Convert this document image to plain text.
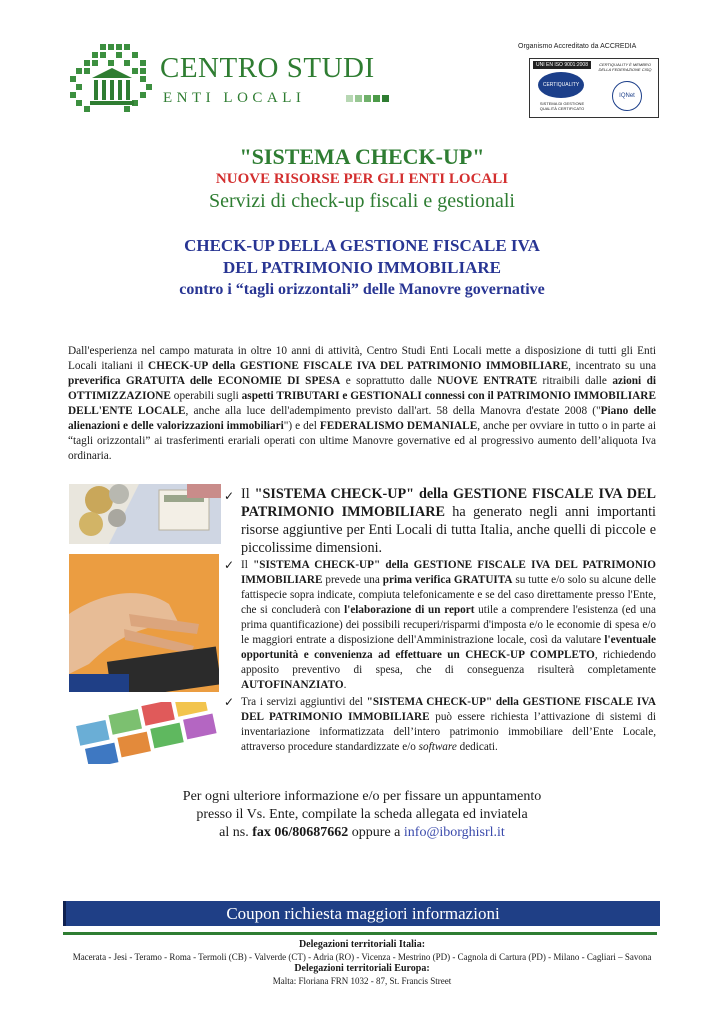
CENTRO STUDI
ENTI LOCALI
Organismo Accreditato da ACCREDIA
UNI EN ISO 9001:2008
CERTIQUALITY
SISTEMA DI GESTIONE QUALITÀ CERTIFICATO
CERTIQUALITY È MEMBRO DELLA FEDERAZIONE CISQ
IQNet
"SISTEMA CHECK-UP"
NUOVE RISORSE PER GLI ENTI LOCALI
Servizi di check-up fiscali e gestionali
CHECK-UP DELLA GESTIONE FISCALE IVA
DEL PATRIMONIO IMMOBILIARE
contro i “tagli orizzontali” delle Manovre governative
Dall'esperienza nel campo maturata in oltre 10 anni di attività, Centro Studi Enti Locali mette a disposizione di tutti gli Enti Locali italiani il CHECK-UP della GESTIONE FISCALE IVA DEL PATRIMONIO IMMOBILIARE, incentrato su una preverifica GRATUITA delle ECONOMIE DI SPESA e soprattutto dalle NUOVE ENTRATE ritraibili dalle azioni di OTTIMIZZAZIONE operabili sugli aspetti TRIBUTARI e GESTIONALI connessi con il PATRIMONIO IMMOBILIARE DELL'ENTE LOCALE, anche alla luce dell'adempimento previsto dall'art. 58 della Manovra d'estate 2008 ("Piano delle alienazioni e delle valorizzazioni immobiliari") e del FEDERALISMO DEMANIALE, anche per ovviare in tutto o in parte ai “tagli orizzontali” ai trasferimenti erariali operati con ultime Manovre governative ed al progressivo aumento dell’aliquota Iva ordinaria.
✓ Il "SISTEMA CHECK-UP" della GESTIONE FISCALE IVA DEL PATRIMONIO IMMOBILIARE ha generato negli anni importanti risorse aggiuntive per Enti Locali di tutta Italia, anche quelli di piccole e piccolissime dimensioni.
✓ Il "SISTEMA CHECK-UP" della GESTIONE FISCALE IVA DEL PATRIMONIO IMMOBILIARE prevede una prima verifica GRATUITA su tutte e/o solo su alcune delle fattispecie sopra indicate, compiuta telefonicamente e se del caso direttamente presso l'Ente, che si concluderà con l'elaborazione di un report utile a comprendere l'esistenza (ed una prima quantificazione) dei possibili recuperi/risparmi d'imposta e/o le economie di spesa e/o le maggiori entrate a disposizione dell'Amministrazione locale, così da valutare l'eventuale opportunità e convenienza ad effettuare un CHECK-UP COMPLETO, richiedendo apposito preventivo di spesa, che di conseguenza risulterà completamente AUTOFINANZIATO.
✓ Tra i servizi aggiuntivi del "SISTEMA CHECK-UP" della GESTIONE FISCALE IVA DEL PATRIMONIO IMMOBILIARE può essere richiesta l’attivazione di sistemi di inventariazione informatizzata dell’intero patrimonio immobiliare dell’Ente Locale, attraverso procedure standardizzate e/o software dedicati.
Per ogni ulteriore informazione e/o per fissare un appuntamento
presso il Vs. Ente, compilate la scheda allegata ed inviatela
al ns. fax 06/80687662 oppure a info@iborghisrl.it
Coupon richiesta maggiori informazioni
Delegazioni territoriali Italia:
Macerata - Jesi - Teramo - Roma - Termoli (CB) - Valverde (CT) - Adria (RO) - Vicenza - Mestrino (PD) - Cagnola di Cartura (PD) - Milano - Cagliari – Savona
Delegazioni territoriali Europa:
Malta: Floriana FRN 1032 - 87, St. Francis Street
